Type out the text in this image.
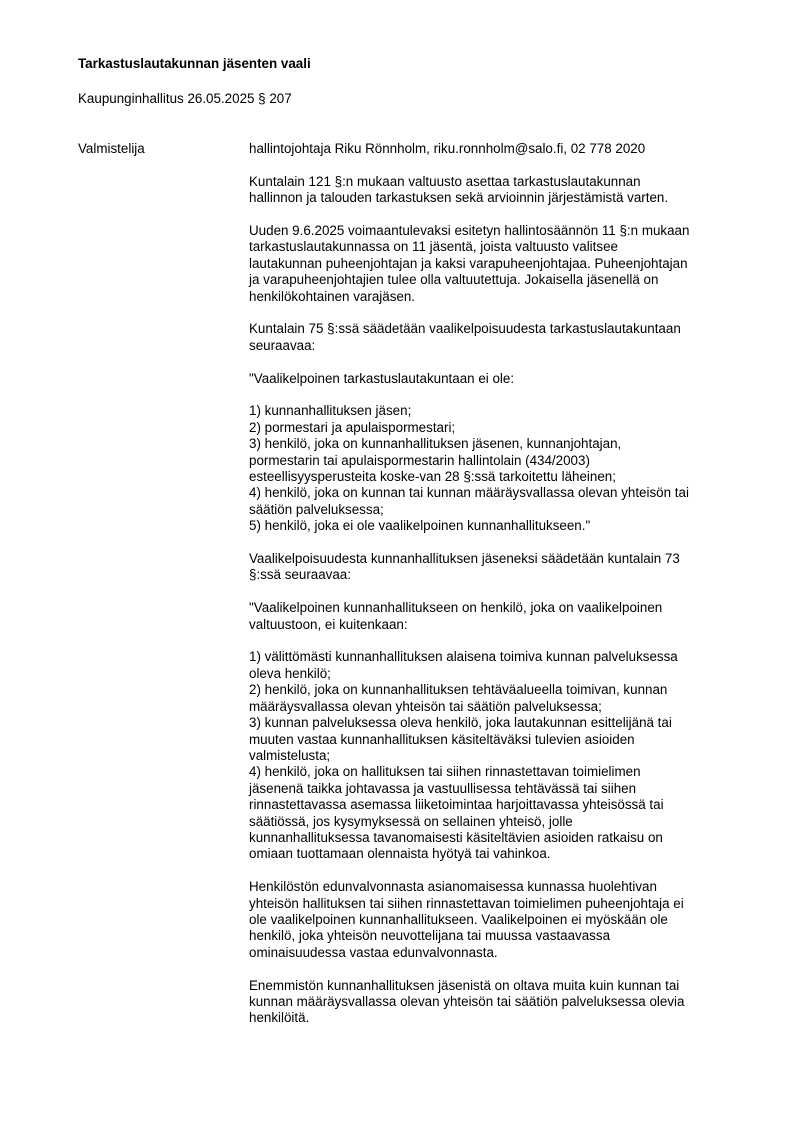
Tarkastuslautakunnan jäsenten vaali
Kaupunginhallitus 26.05.2025 § 207
Valmistelija	hallintojohtaja Riku Rönnholm, riku.ronnholm@salo.fi, 02 778 2020

Kuntalain 121 §:n mukaan valtuusto asettaa tarkastuslautakunnan
hallinnon ja talouden tarkastuksen sekä arvioinnin järjestämistä varten.

Uuden 9.6.2025 voimaantulevaksi esitetyn hallintosäännön 11 §:n mukaan
tarkastuslautakunnassa on 11 jäsentä, joista valtuusto valitsee
lautakunnan puheenjohtajan ja kaksi varapuheenjohtajaa. Puheenjohtajan
ja varapuheenjohtajien tulee olla valtuutettuja. Jokaisella jäsenellä on
henkilökohtainen varajäsen.

Kuntalain 75 §:ssä säädetään vaalikelpoisuudesta tarkastuslautakuntaan
seuraavaa:

"Vaalikelpoinen tarkastuslautakuntaan ei ole:

1) kunnanhallituksen jäsen;
2) pormestari ja apulaispormestari;
3) henkilö, joka on kunnanhallituksen jäsenen, kunnanjohtajan,
pormestarin tai apulaispormestarin hallintolain (434/2003)
esteellisyysperusteita koske-van 28 §:ssä tarkoitettu läheinen;
4) henkilö, joka on kunnan tai kunnan määräysvallassa olevan yhteisön tai
säätiön palveluksessa;
5) henkilö, joka ei ole vaalikelpoinen kunnanhallitukseen."

Vaalikelpoisuudesta kunnanhallituksen jäseneksi säädetään kuntalain 73
§:ssä seuraavaa:

"Vaalikelpoinen kunnanhallitukseen on henkilö, joka on vaalikelpoinen
valtuustoon, ei kuitenkaan:

1) välittömästi kunnanhallituksen alaisena toimiva kunnan palveluksessa
oleva henkilö;
2) henkilö, joka on kunnanhallituksen tehtäväalueella toimivan, kunnan
määräysvallassa olevan yhteisön tai säätiön palveluksessa;
3) kunnan palveluksessa oleva henkilö, joka lautakunnan esittelijänä tai
muuten vastaa kunnanhallituksen käsiteltäväksi tulevien asioiden
valmistelusta;
4) henkilö, joka on hallituksen tai siihen rinnastettavan toimielimen
jäsenenä taikka johtavassa ja vastuullisessa tehtävässä tai siihen
rinnastettavassa asemassa liiketoimintaa harjoittavassa yhteisössä tai
säätiössä, jos kysymyksessä on sellainen yhteisö, jolle
kunnanhallituksessa tavanomaisesti käsiteltävien asioiden ratkaisu on
omiaan tuottamaan olennaista hyötyä tai vahinkoa.

Henkilöstön edunvalvonnasta asianomaisessa kunnassa huolehtivan
yhteisön hallituksen tai siihen rinnastettavan toimielimen puheenjohtaja ei
ole vaalikelpoinen kunnanhallitukseen. Vaalikelpoinen ei myöskään ole
henkilö, joka yhteisön neuvottelijana tai muussa vastaavassa
ominaisuudessa vastaa edunvalvonnasta.

Enemmistön kunnanhallituksen jäsenistä on oltava muita kuin kunnan tai
kunnan määräysvallassa olevan yhteisön tai säätiön palveluksessa olevia
henkilöitä.
